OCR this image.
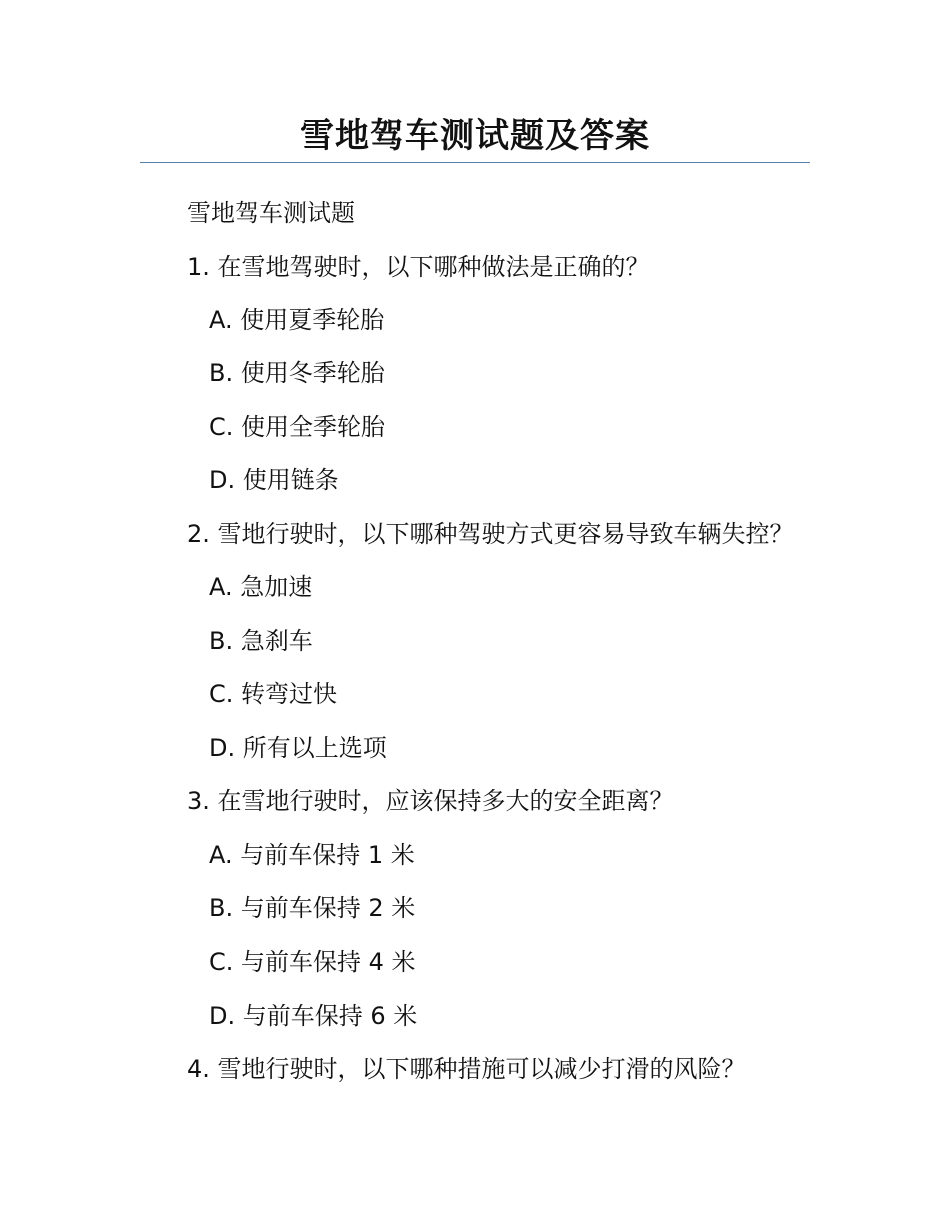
雪地驾车测试题及答案
雪地驾车测试题
1. 在雪地驾驶时，以下哪种做法是正确的？
A. 使用夏季轮胎
B. 使用冬季轮胎
C. 使用全季轮胎
D. 使用链条
2. 雪地行驶时，以下哪种驾驶方式更容易导致车辆失控？
A. 急加速
B. 急刹车
C. 转弯过快
D. 所有以上选项
3. 在雪地行驶时，应该保持多大的安全距离？
A. 与前车保持 1 米
B. 与前车保持 2 米
C. 与前车保持 4 米
D. 与前车保持 6 米
4. 雪地行驶时，以下哪种措施可以减少打滑的风险？
